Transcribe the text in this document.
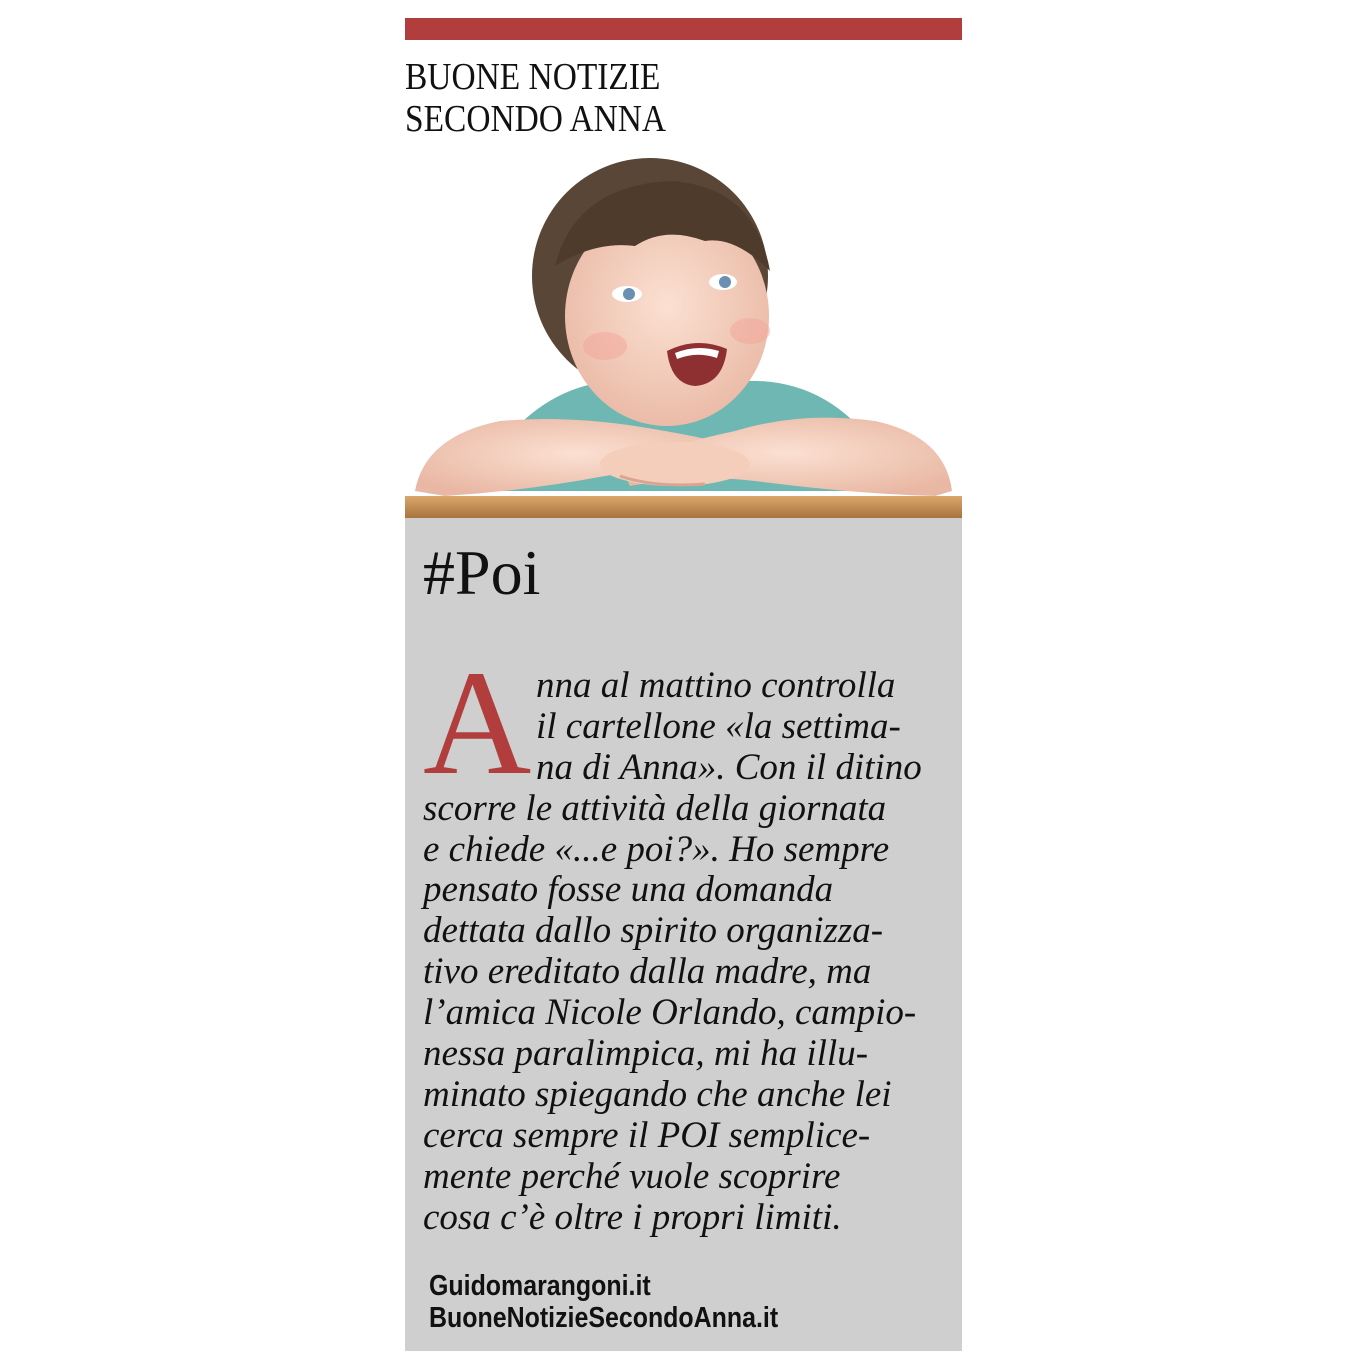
BUONE NOTIZIE
SECONDO ANNA
#Poi
A nna al mattino controlla
il cartellone «la settima-
na di Anna». Con il ditino
scorre le attività della giornata
e chiede «...e poi?». Ho sempre
pensato fosse una domanda
dettata dallo spirito organizza-
tivo ereditato dalla madre, ma
l’amica Nicole Orlando, campio-
nessa paralimpica, mi ha illu-
minato spiegando che anche lei
cerca sempre il POI semplice-
mente perché vuole scoprire
cosa c’è oltre i propri limiti.
Guidomarangoni.it
BuoneNotizieSecondoAnna.it
